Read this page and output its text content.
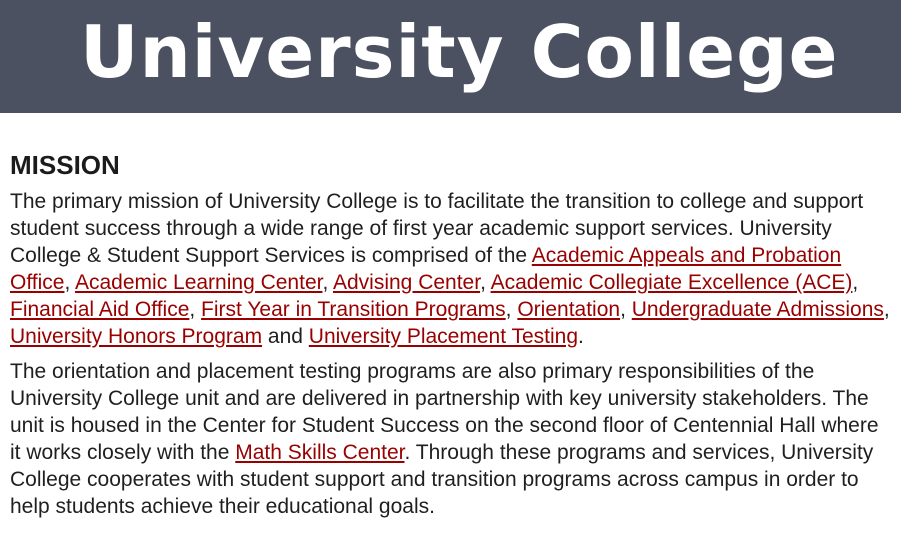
University College
MISSION

The primary mission of University College is to facilitate the transition to college and support student success through a wide range of first year academic support services. University College & Student Support Services is comprised of the Academic Appeals and Probation Office, Academic Learning Center, Advising Center, Academic Collegiate Excellence (ACE), Financial Aid Office, First Year in Transition Programs, Orientation, Undergraduate Admissions, University Honors Program and University Placement Testing.

The orientation and placement testing programs are also primary responsibilities of the University College unit and are delivered in partnership with key university stakeholders. The unit is housed in the Center for Student Success on the second floor of Centennial Hall where it works closely with the Math Skills Center. Through these programs and services, University College cooperates with student support and transition programs across campus in order to help students achieve their educational goals.
